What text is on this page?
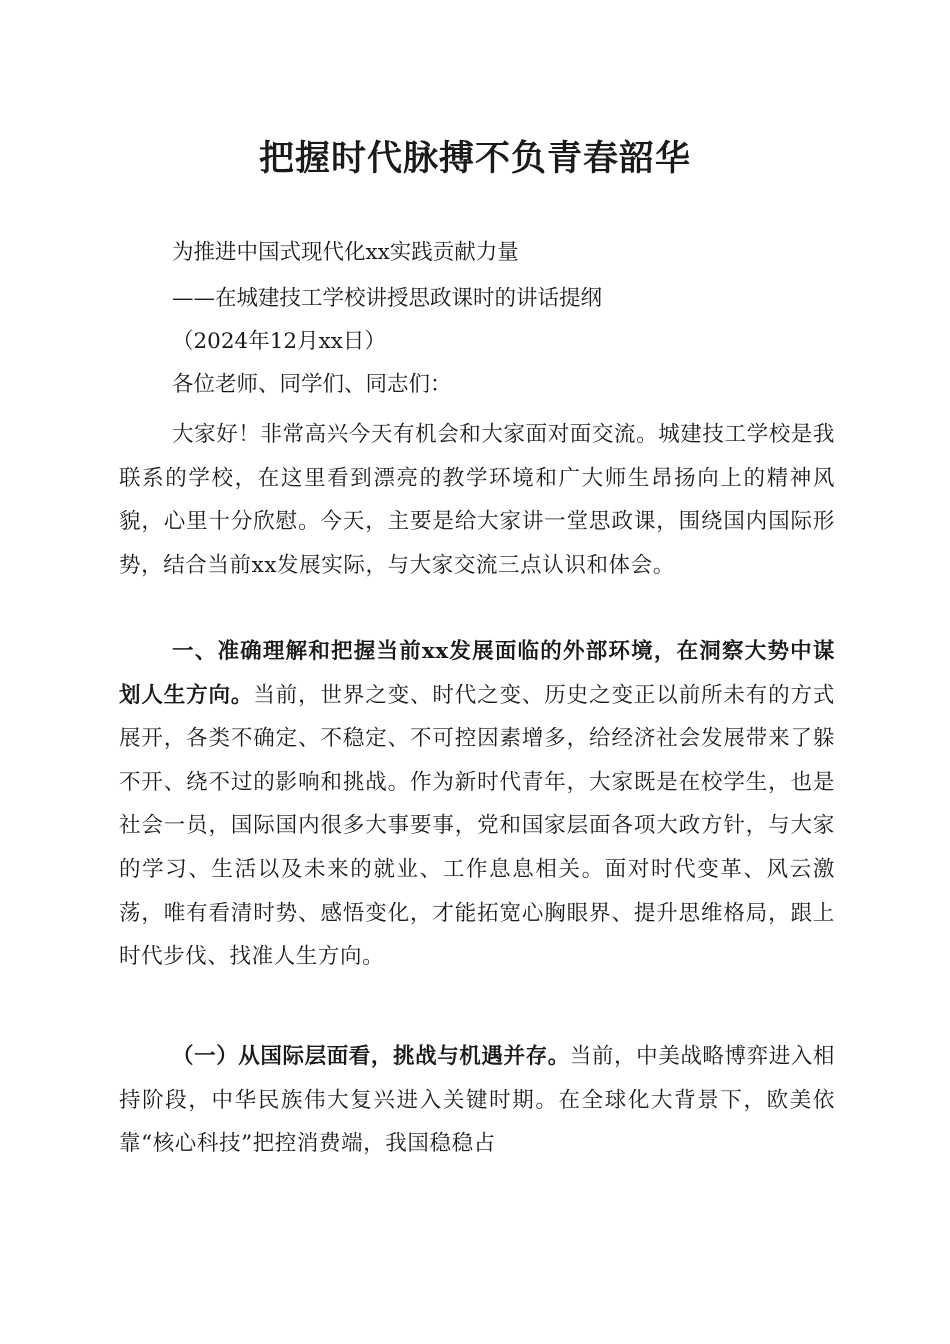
把握时代脉搏不负青春韶华

为推进中国式现代化xx实践贡献力量

——在城建技工学校讲授思政课时的讲话提纲

（2024年12月xx日）

各位老师、同学们、同志们：

大家好！非常高兴今天有机会和大家面对面交流。城建技工学校是我联系的学校，在这里看到漂亮的教学环境和广大师生昂扬向上的精神风貌，心里十分欣慰。今天，主要是给大家讲一堂思政课，围绕国内国际形势，结合当前xx发展实际，与大家交流三点认识和体会。

一、准确理解和把握当前xx发展面临的外部环境，在洞察大势中谋划人生方向。当前，世界之变、时代之变、历史之变正以前所未有的方式展开，各类不确定、不稳定、不可控因素增多，给经济社会发展带来了躲不开、绕不过的影响和挑战。作为新时代青年，大家既是在校学生，也是社会一员，国际国内很多大事要事，党和国家层面各项大政方针，与大家的学习、生活以及未来的就业、工作息息相关。面对时代变革、风云激荡，唯有看清时势、感悟变化，才能拓宽心胸眼界、提升思维格局，跟上时代步伐、找准人生方向。

（一）从国际层面看，挑战与机遇并存。当前，中美战略博弈进入相持阶段，中华民族伟大复兴进入关键时期。在全球化大背景下，欧美依靠“核心科技”把控消费端，我国稳稳占
